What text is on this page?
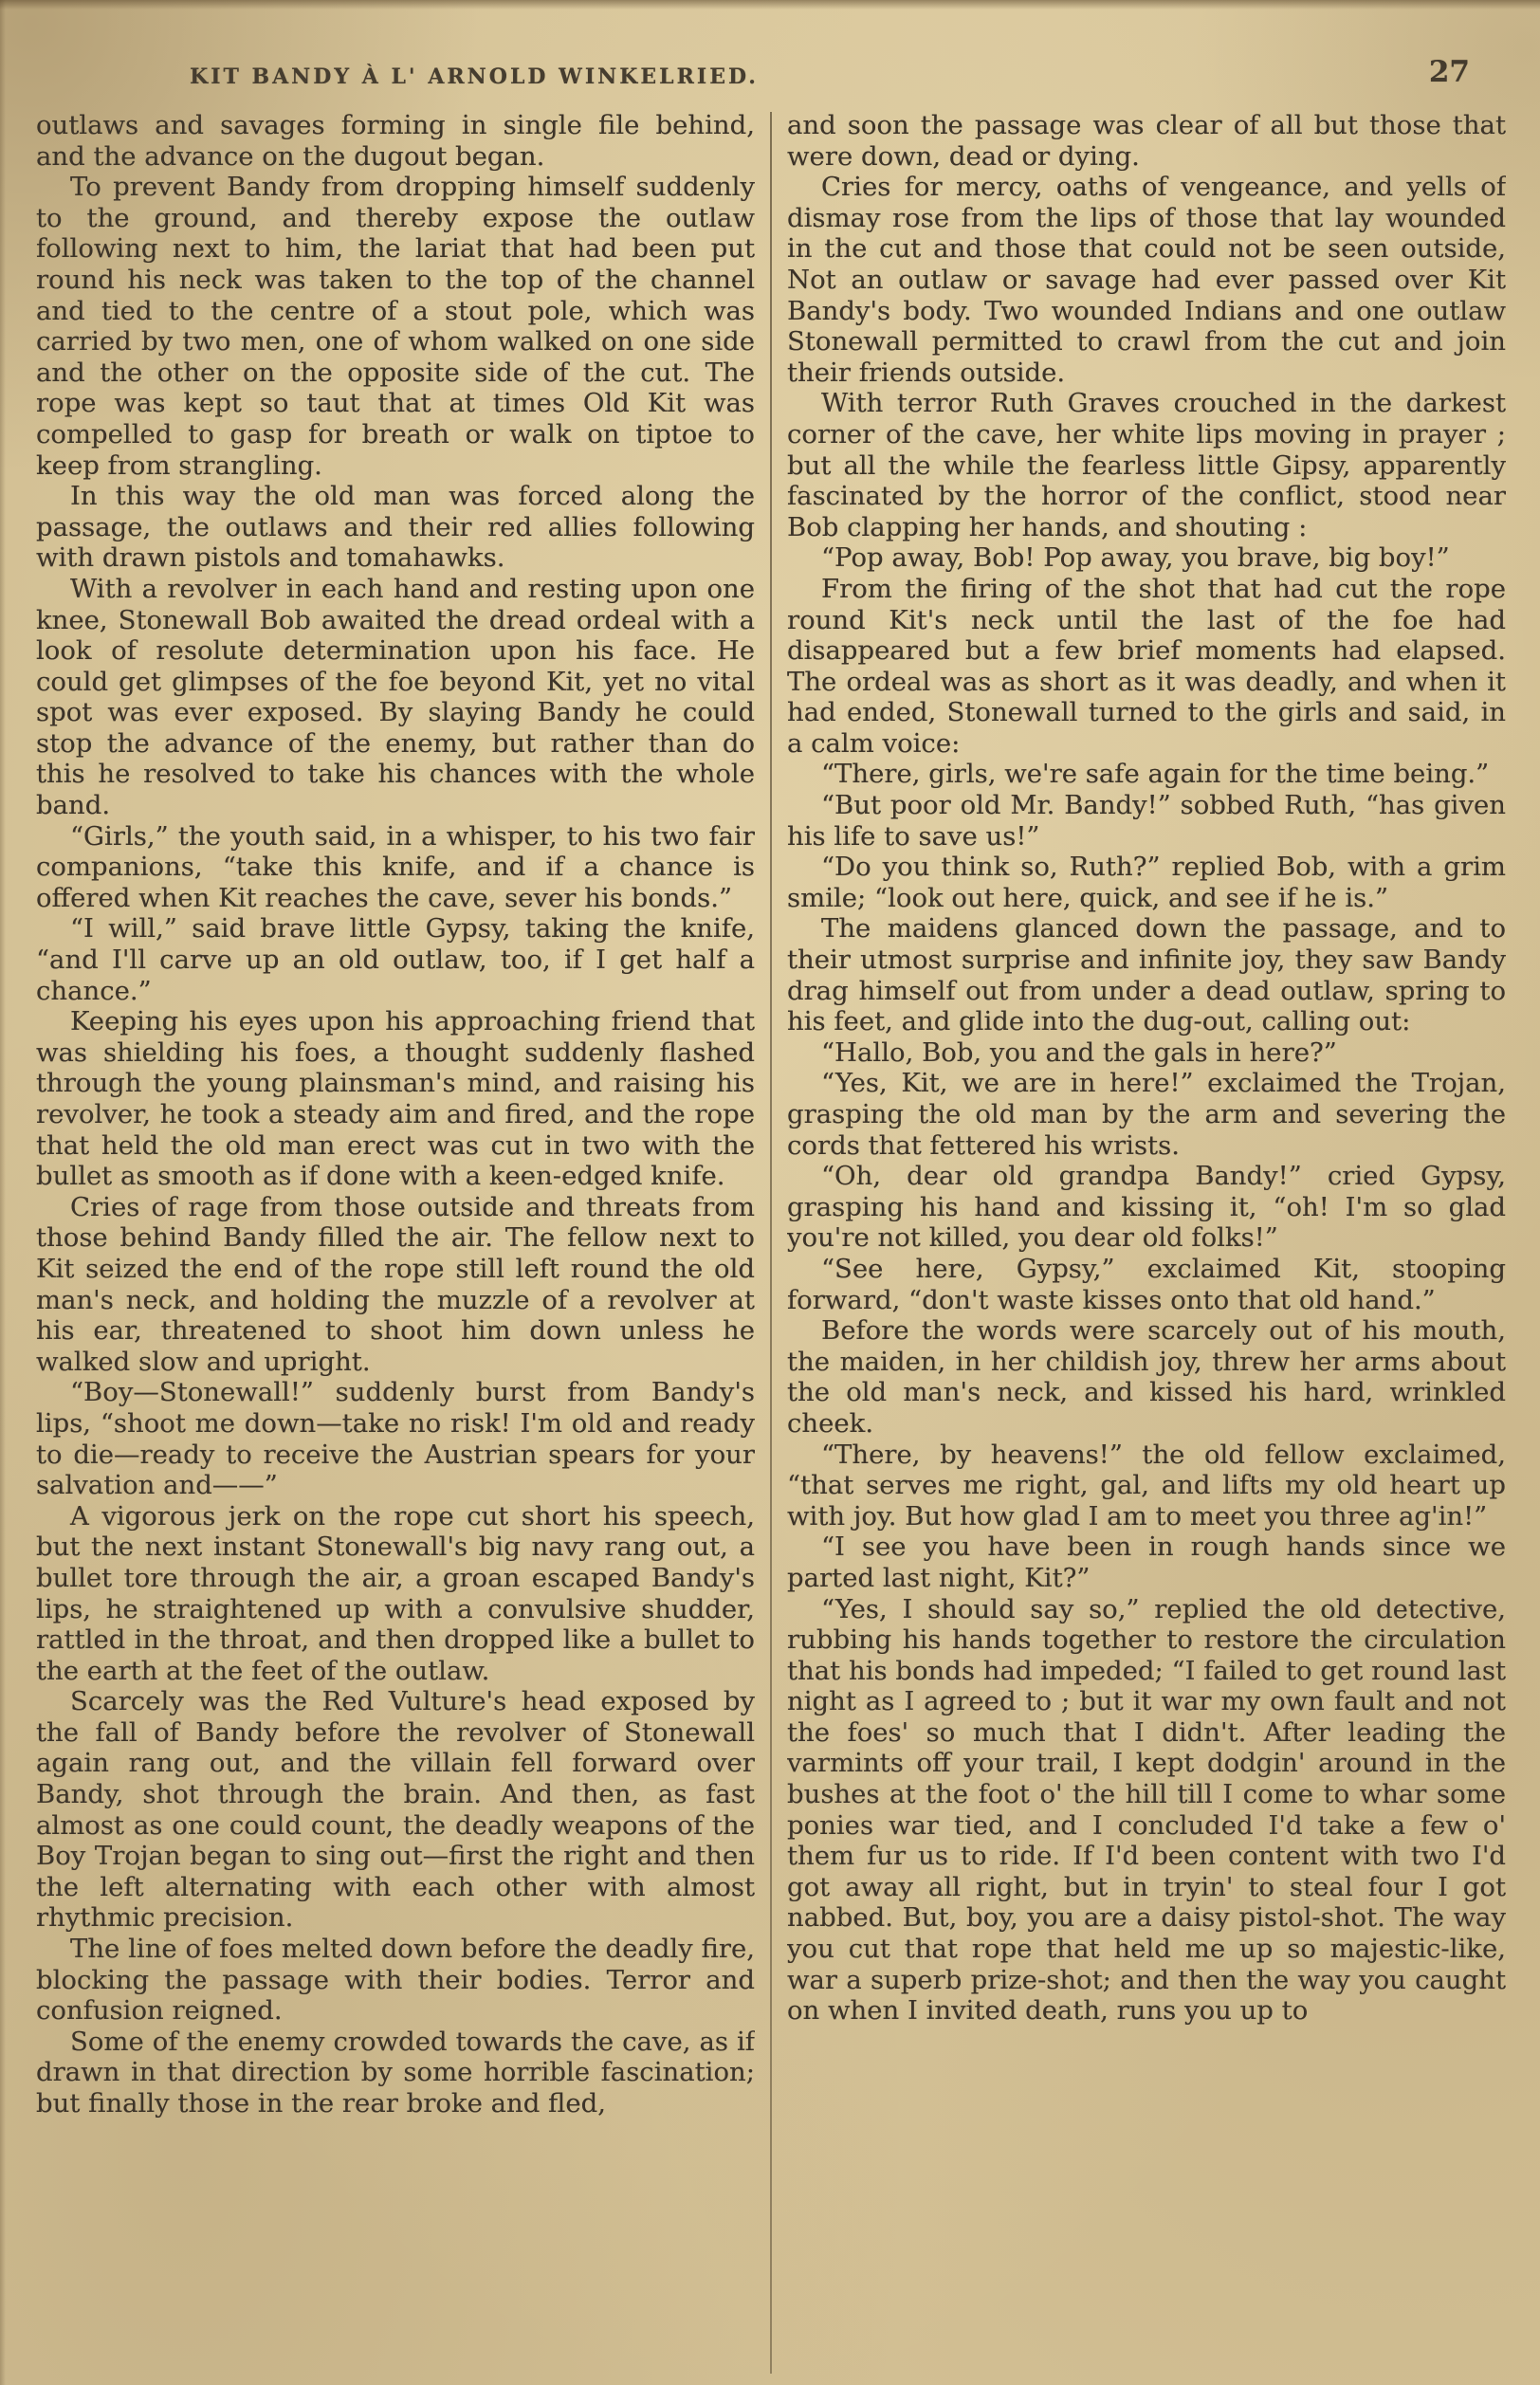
KIT BANDY À L' ARNOLD WINKELRIED.	27

outlaws and savages forming in single file behind, and the advance on the dugout began.

To prevent Bandy from dropping himself suddenly to the ground, and thereby expose the outlaw following next to him, the lariat that had been put round his neck was taken to the top of the channel and tied to the centre of a stout pole, which was carried by two men, one of whom walked on one side and the other on the opposite side of the cut. The rope was kept so taut that at times Old Kit was compelled to gasp for breath or walk on tiptoe to keep from strangling.

In this way the old man was forced along the passage, the outlaws and their red allies following with drawn pistols and tomahawks.

With a revolver in each hand and resting upon one knee, Stonewall Bob awaited the dread ordeal with a look of resolute determination upon his face. He could get glimpses of the foe beyond Kit, yet no vital spot was ever exposed. By slaying Bandy he could stop the advance of the enemy, but rather than do this he resolved to take his chances with the whole band.

“Girls,” the youth said, in a whisper, to his two fair companions, “take this knife, and if a chance is offered when Kit reaches the cave, sever his bonds.”

“I will,” said brave little Gypsy, taking the knife, “and I'll carve up an old outlaw, too, if I get half a chance.”

Keeping his eyes upon his approaching friend that was shielding his foes, a thought suddenly flashed through the young plainsman's mind, and raising his revolver, he took a steady aim and fired, and the rope that held the old man erect was cut in two with the bullet as smooth as if done with a keen-edged knife.

Cries of rage from those outside and threats from those behind Bandy filled the air. The fellow next to Kit seized the end of the rope still left round the old man's neck, and holding the muzzle of a revolver at his ear, threatened to shoot him down unless he walked slow and upright.

“Boy—Stonewall!” suddenly burst from Bandy's lips, “shoot me down—take no risk! I'm old and ready to die—ready to receive the Austrian spears for your salvation and——”

A vigorous jerk on the rope cut short his speech, but the next instant Stonewall's big navy rang out, a bullet tore through the air, a groan escaped Bandy's lips, he straightened up with a convulsive shudder, rattled in the throat, and then dropped like a bullet to the earth at the feet of the outlaw.

Scarcely was the Red Vulture's head exposed by the fall of Bandy before the revolver of Stonewall again rang out, and the villain fell forward over Bandy, shot through the brain. And then, as fast almost as one could count, the deadly weapons of the Boy Trojan began to sing out—first the right and then the left alternating with each other with almost rhythmic precision.

The line of foes melted down before the deadly fire, blocking the passage with their bodies. Terror and confusion reigned.

Some of the enemy crowded towards the cave, as if drawn in that direction by some horrible fascination; but finally those in the rear broke and fled,

and soon the passage was clear of all but those that were down, dead or dying.

Cries for mercy, oaths of vengeance, and yells of dismay rose from the lips of those that lay wounded in the cut and those that could not be seen outside, Not an outlaw or savage had ever passed over Kit Bandy's body. Two wounded Indians and one outlaw Stonewall permitted to crawl from the cut and join their friends outside.

With terror Ruth Graves crouched in the darkest corner of the cave, her white lips moving in prayer ; but all the while the fearless little Gipsy, apparently fascinated by the horror of the conflict, stood near Bob clapping her hands, and shouting :

“Pop away, Bob! Pop away, you brave, big boy!”

From the firing of the shot that had cut the rope round Kit's neck until the last of the foe had disappeared but a few brief moments had elapsed. The ordeal was as short as it was deadly, and when it had ended, Stonewall turned to the girls and said, in a calm voice:

“There, girls, we're safe again for the time being.”

“But poor old Mr. Bandy!” sobbed Ruth, “has given his life to save us!”

“Do you think so, Ruth?” replied Bob, with a grim smile; “look out here, quick, and see if he is.”

The maidens glanced down the passage, and to their utmost surprise and infinite joy, they saw Bandy drag himself out from under a dead outlaw, spring to his feet, and glide into the dug-out, calling out:

“Hallo, Bob, you and the gals in here?”

“Yes, Kit, we are in here!” exclaimed the Trojan, grasping the old man by the arm and severing the cords that fettered his wrists.

“Oh, dear old grandpa Bandy!” cried Gypsy, grasping his hand and kissing it, “oh! I'm so glad you're not killed, you dear old folks!”

“See here, Gypsy,” exclaimed Kit, stooping forward, “don't waste kisses onto that old hand.”

Before the words were scarcely out of his mouth, the maiden, in her childish joy, threw her arms about the old man's neck, and kissed his hard, wrinkled cheek.

“There, by heavens!” the old fellow exclaimed, “that serves me right, gal, and lifts my old heart up with joy. But how glad I am to meet you three ag'in!”

“I see you have been in rough hands since we parted last night, Kit?”

“Yes, I should say so,” replied the old detective, rubbing his hands together to restore the circulation that his bonds had impeded; “I failed to get round last night as I agreed to ; but it war my own fault and not the foes' so much that I didn't. After leading the varmints off your trail, I kept dodgin' around in the bushes at the foot o' the hill till I come to whar some ponies war tied, and I concluded I'd take a few o' them fur us to ride. If I'd been content with two I'd got away all right, but in tryin' to steal four I got nabbed. But, boy, you are a daisy pistol-shot. The way you cut that rope that held me up so majestic-like, war a superb prize-shot; and then the way you caught on when I invited death, runs you up to
